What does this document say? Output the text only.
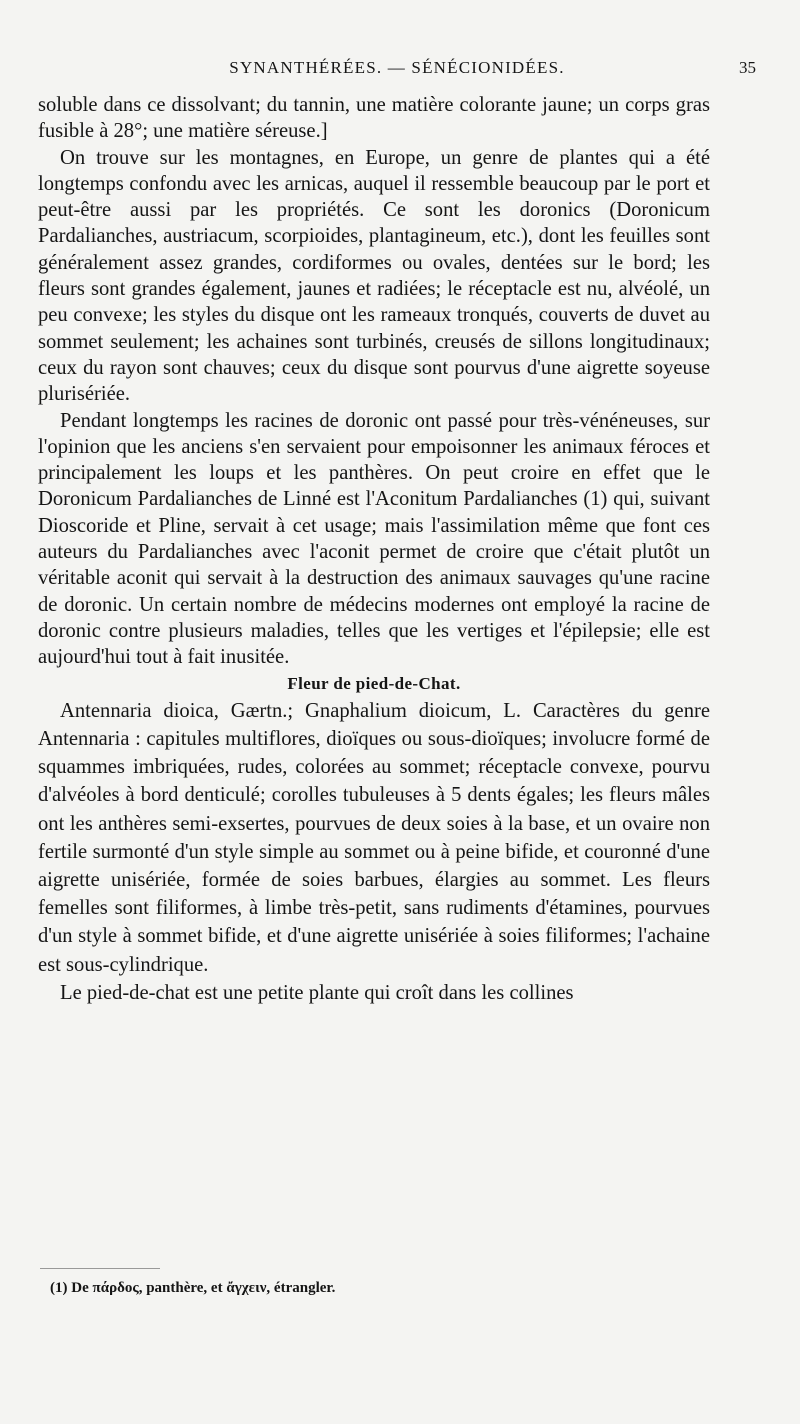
SYNANTHÉRÉES. — SÉNÉCIONIDÉES.	35

soluble dans ce dissolvant; du tannin, une matière colorante jaune; un corps gras fusible à 28°; une matière séreuse.]

On trouve sur les montagnes, en Europe, un genre de plantes qui a été longtemps confondu avec les arnicas, auquel il ressemble beaucoup par le port et peut-être aussi par les propriétés. Ce sont les doronics (Doronicum Pardalianches, austriacum, scorpioides, plantagineum, etc.), dont les feuilles sont généralement assez grandes, cordiformes ou ovales, dentées sur le bord; les fleurs sont grandes également, jaunes et radiées; le réceptacle est nu, alvéolé, un peu convexe; les styles du disque ont les rameaux tronqués, couverts de duvet au sommet seulement; les achaines sont turbinés, creusés de sillons longitudinaux; ceux du rayon sont chauves; ceux du disque sont pourvus d'une aigrette soyeuse plurisériée.

Pendant longtemps les racines de doronic ont passé pour très-vénéneuses, sur l'opinion que les anciens s'en servaient pour empoisonner les animaux féroces et principalement les loups et les panthères. On peut croire en effet que le Doronicum Pardalianches de Linné est l'Aconitum Pardalianches (1) qui, suivant Dioscoride et Pline, servait à cet usage; mais l'assimilation même que font ces auteurs du Pardalianches avec l'aconit permet de croire que c'était plutôt un véritable aconit qui servait à la destruction des animaux sauvages qu'une racine de doronic. Un certain nombre de médecins modernes ont employé la racine de doronic contre plusieurs maladies, telles que les vertiges et l'épilepsie; elle est aujourd'hui tout à fait inusitée.

Fleur de pied-de-Chat.

Antennaria dioica, Gærtn.; Gnaphalium dioicum, L. Caractères du genre Antennaria : capitules multiflores, dioïques ou sous-dioïques; involucre formé de squammes imbriquées, rudes, colorées au sommet; réceptacle convexe, pourvu d'alvéoles à bord denticulé; corolles tubuleuses à 5 dents égales; les fleurs mâles ont les anthères semi-exsertes, pourvues de deux soies à la base, et un ovaire non fertile surmonté d'un style simple au sommet ou à peine bifide, et couronné d'une aigrette unisériée, formée de soies barbues, élargies au sommet. Les fleurs femelles sont filiformes, à limbe très-petit, sans rudiments d'étamines, pourvues d'un style à sommet bifide, et d'une aigrette unisériée à soies filiformes; l'achaine est sous-cylindrique.

Le pied-de-chat est une petite plante qui croît dans les collines

(1) De πάρδος, panthère, et ἄγχειν, étrangler.
